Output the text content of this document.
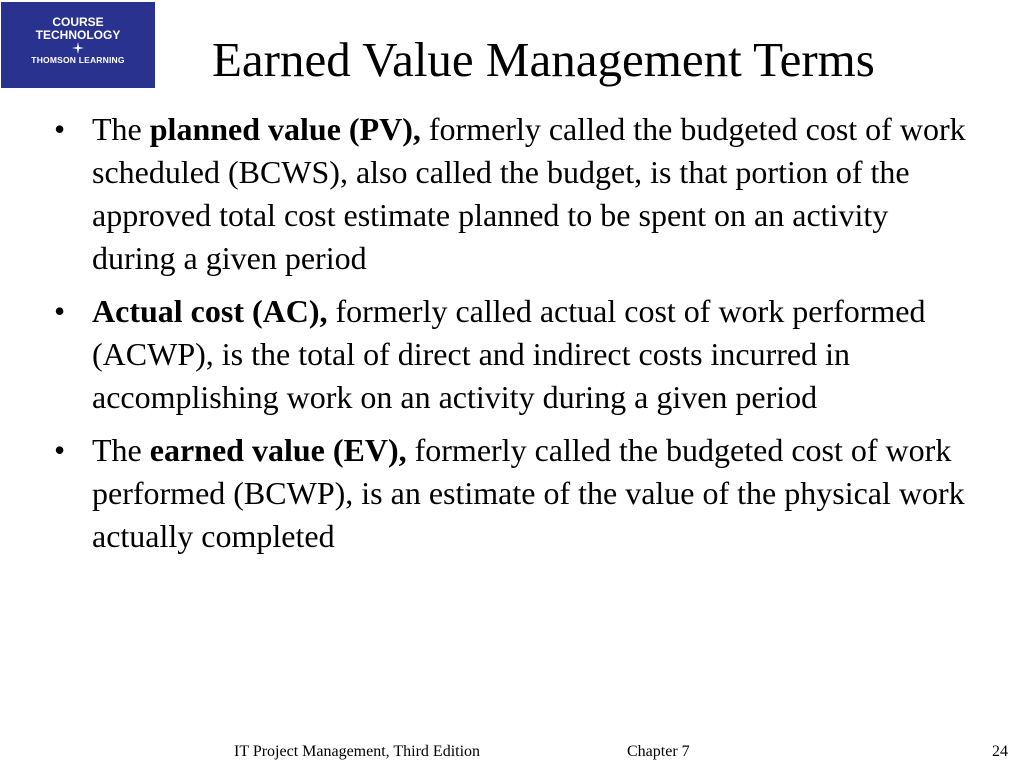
COURSE
TECHNOLOGY
THOMSON LEARNING	Earned Value Management Terms
• The planned value (PV), formerly called the budgeted cost of work scheduled (BCWS), also called the budget, is that portion of the approved total cost estimate planned to be spent on an activity during a given period
• Actual cost (AC), formerly called actual cost of work performed (ACWP), is the total of direct and indirect costs incurred in accomplishing work on an activity during a given period
• The earned value (EV), formerly called the budgeted cost of work performed (BCWP), is an estimate of the value of the physical work actually completed
IT Project Management, Third Edition	Chapter 7	24
